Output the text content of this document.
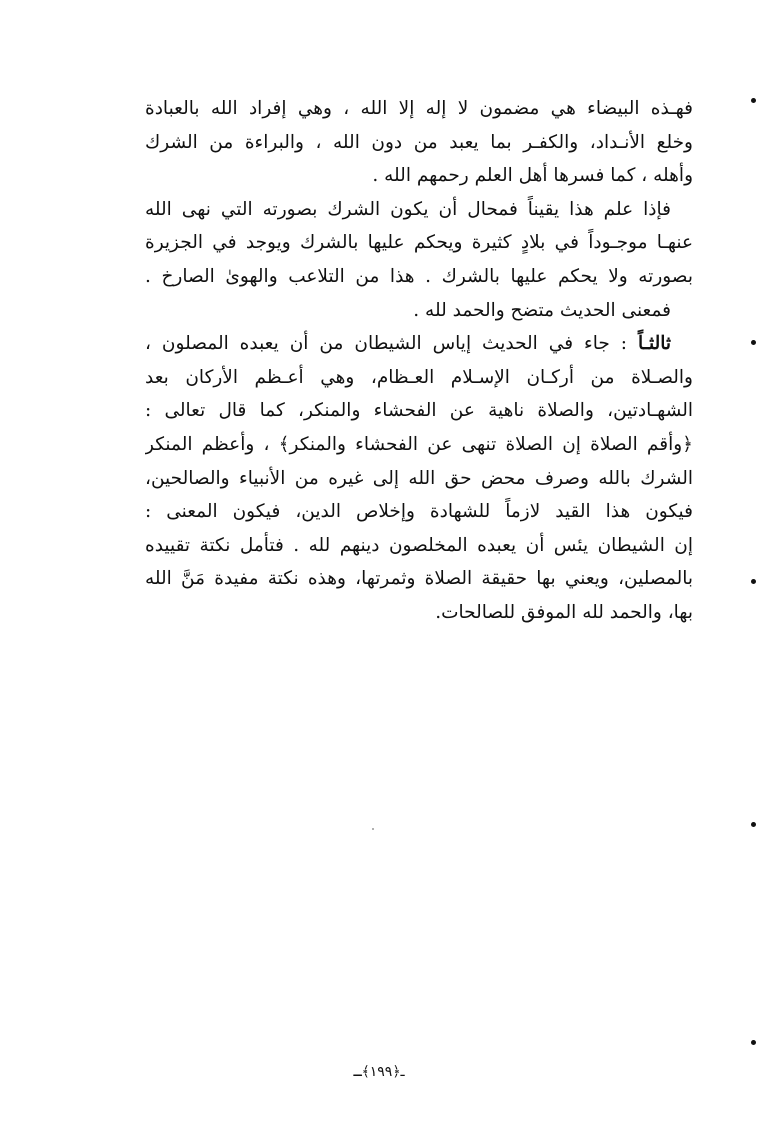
فهـذه البيضاء هي مضمون لا إله إلا الله ، وهي إفراد الله بالعبادة
وخلع الأنـداد، والكفـر بما يعبد من دون الله ، والبراءة من الشرك
وأهله ، كما فسرها أهل العلم رحمهم الله .
فإذا علم هذا يقيناً فمحال أن يكون الشرك بصورته التي نهى الله
عنهـا موجـوداً في بلادٍ كثيرة ويحكم عليها بالشرك ويوجد في الجزيرة
بصورته ولا يحكم عليها بالشرك . هذا من التلاعب والهوىٰ الصارخ .
فمعنى الحديث متضح والحمد لله .
ثالثـاً : جاء في الحديث إياس الشيطان من أن يعبده المصلون ،
والصـلاة من أركـان الإسـلام العـظام، وهي أعـظم الأركان بعد
الشهـادتين، والصلاة ناهية عن الفحشاء والمنكر، كما قال تعالى :
﴿وأقم الصلاة إن الصلاة تنهى عن الفحشاء والمنكر﴾ ، وأعظم المنكر
الشرك بالله وصرف محض حق الله إلى غيره من الأنبياء والصالحين،
فيكون هذا القيد لازماً للشهادة وإخلاص الدين، فيكون المعنى :
إن الشيطان يئس أن يعبده المخلصون دينهم لله . فتأمل نكتة تقييده
بالمصلين، ويعني بها حقيقة الصلاة وثمرتها، وهذه نكتة مفيدة مَنَّ الله
بها، والحمد لله الموفق للصالحات.
ـ﴿١٩٩﴾ـ
